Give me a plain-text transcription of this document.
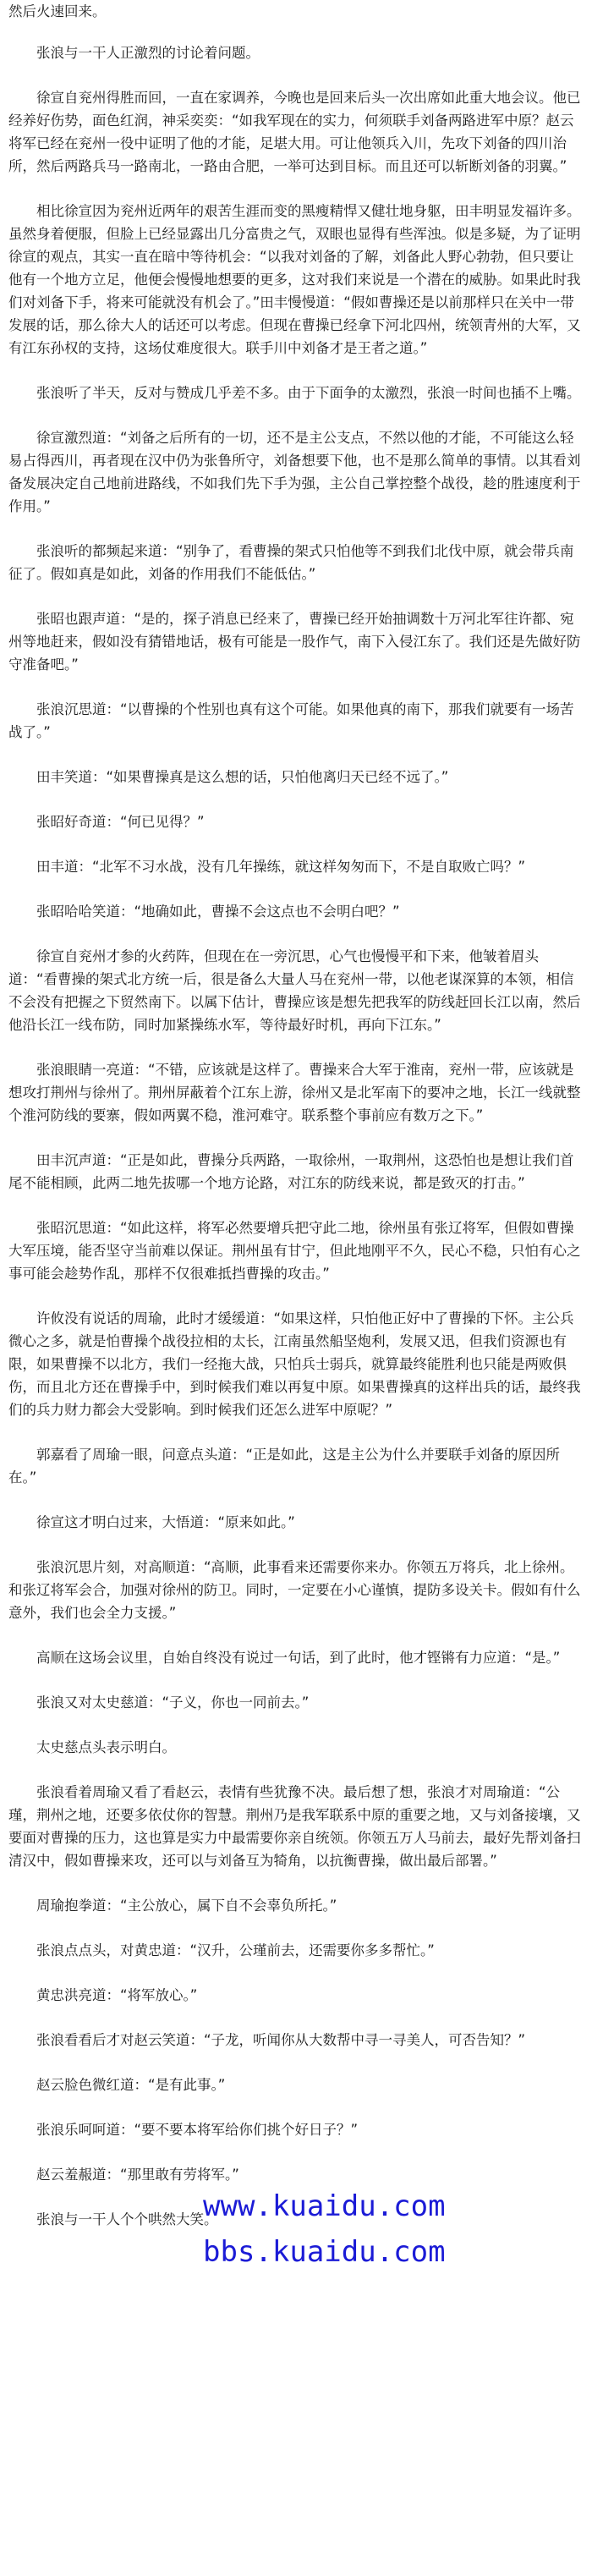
然后火速回来。

张浪与一干人正激烈的讨论着问题。

徐宣自兖州得胜而回，一直在家调养，今晚也是回来后头一次出席如此重大地会议。他已经养好伤势，面色红润，神采奕奕：“如我军现在的实力，何须联手刘备两路进军中原？赵云将军已经在兖州一役中证明了他的才能，足堪大用。可让他领兵入川，先攻下刘备的四川治所，然后两路兵马一路南北，一路由合肥，一举可达到目标。而且还可以斩断刘备的羽翼。”

相比徐宣因为兖州近两年的艰苦生涯而变的黑瘦精悍又健壮地身躯，田丰明显发福许多。虽然身着便服，但脸上已经显露出几分富贵之气，双眼也显得有些浑浊。似是多疑，为了证明徐宣的观点，其实一直在暗中等待机会：“以我对刘备的了解，刘备此人野心勃勃，但只要让他有一个地方立足，他便会慢慢地想要的更多，这对我们来说是一个潜在的威胁。如果此时我们对刘备下手，将来可能就没有机会了。”田丰慢慢道：“假如曹操还是以前那样只在关中一带发展的话，那么徐大人的话还可以考虑。但现在曹操已经拿下河北四州，统领青州的大军，又有江东孙权的支持，这场仗难度很大。联手川中刘备才是王者之道。”

张浪听了半天，反对与赞成几乎差不多。由于下面争的太激烈，张浪一时间也插不上嘴。

徐宣激烈道：“刘备之后所有的一切，还不是主公支点，不然以他的才能，不可能这么轻易占得西川，再者现在汉中仍为张鲁所守，刘备想要下他，也不是那么简单的事情。以其看刘备发展决定自己地前进路线，不如我们先下手为强，主公自己掌控整个战役，趁的胜速度利于作用。”

张浪听的都频起来道：“别争了，看曹操的架式只怕他等不到我们北伐中原，就会带兵南征了。假如真是如此，刘备的作用我们不能低估。”

张昭也跟声道：“是的，探子消息已经来了，曹操已经开始抽调数十万河北军往许都、宛州等地赶来，假如没有猜错地话，极有可能是一股作气，南下入侵江东了。我们还是先做好防守准备吧。”

张浪沉思道：“以曹操的个性别也真有这个可能。如果他真的南下，那我们就要有一场苦战了。”

田丰笑道：“如果曹操真是这么想的话，只怕他离归天已经不远了。”

张昭好奇道：“何已见得？”

田丰道：“北军不习水战，没有几年操练，就这样匆匆而下，不是自取败亡吗？”

张昭哈哈笑道：“地确如此，曹操不会这点也不会明白吧？”

徐宣自兖州才参的火药阵，但现在在一旁沉思，心气也慢慢平和下来，他皱着眉头道：“看曹操的架式北方统一后，很是备么大量人马在兖州一带，以他老谋深算的本领，相信不会没有把握之下贸然南下。以属下估计，曹操应该是想先把我军的防线赶回长江以南，然后他沿长江一线布防，同时加紧操练水军，等待最好时机，再向下江东。”

张浪眼睛一亮道：“不错，应该就是这样了。曹操来合大军于淮南，兖州一带，应该就是想攻打荆州与徐州了。荆州屏蔽着个江东上游，徐州又是北军南下的要冲之地，长江一线就整个淮河防线的要寨，假如两翼不稳，淮河难守。联系整个事前应有数万之下。”

田丰沉声道：“正是如此，曹操分兵两路，一取徐州，一取荆州，这恐怕也是想让我们首尾不能相顾，此两二地先拔哪一个地方论路，对江东的防线来说，都是致灭的打击。”

张昭沉思道：“如此这样，将军必然要增兵把守此二地，徐州虽有张辽将军，但假如曹操大军压境，能否坚守当前难以保证。荆州虽有甘宁，但此地刚平不久，民心不稳，只怕有心之事可能会趁势作乱，那样不仅很难抵挡曹操的攻击。”

许攸没有说话的周瑜，此时才缓缓道：“如果这样，只怕他正好中了曹操的下怀。主公兵微心之多，就是怕曹操个战役拉相的太长，江南虽然船坚炮利，发展又迅，但我们资源也有限，如果曹操不以北方，我们一经拖大战，只怕兵士弱兵，就算最终能胜利也只能是两败俱伤，而且北方还在曹操手中，到时候我们难以再复中原。如果曹操真的这样出兵的话，最终我们的兵力财力都会大受影响。到时候我们还怎么进军中原呢？”

郭嘉看了周瑜一眼，问意点头道：“正是如此，这是主公为什么并要联手刘备的原因所在。”

徐宣这才明白过来，大悟道：“原来如此。”

张浪沉思片刻，对高顺道：“高顺，此事看来还需要你来办。你领五万将兵，北上徐州。和张辽将军会合，加强对徐州的防卫。同时，一定要在小心谨慎，提防多设关卡。假如有什么意外，我们也会全力支援。”

高顺在这场会议里，自始自终没有说过一句话，到了此时，他才铿锵有力应道：“是。”

张浪又对太史慈道：“子义，你也一同前去。”

太史慈点头表示明白。

张浪看着周瑜又看了看赵云，表情有些犹豫不决。最后想了想，张浪才对周瑜道：“公瑾，荆州之地，还要多依仗你的智慧。荆州乃是我军联系中原的重要之地，又与刘备接壤，又要面对曹操的压力，这也算是实力中最需要你亲自统领。你领五万人马前去，最好先帮刘备扫清汉中，假如曹操来攻，还可以与刘备互为犄角，以抗衡曹操，做出最后部署。”

周瑜抱拳道：“主公放心，属下自不会辜负所托。”

张浪点点头，对黄忠道：“汉升，公瑾前去，还需要你多多帮忙。”

黄忠洪亮道：“将军放心。”

张浪看看后才对赵云笑道：“子龙，听闻你从大数帮中寻一寻美人，可否告知？”

赵云脸色微红道：“是有此事。”

张浪乐呵呵道：“要不要本将军给你们挑个好日子？”

赵云羞赧道：“那里敢有劳将军。”

张浪与一干人个个哄然大笑。

www.kuaidu.com
bbs.kuaidu.com
